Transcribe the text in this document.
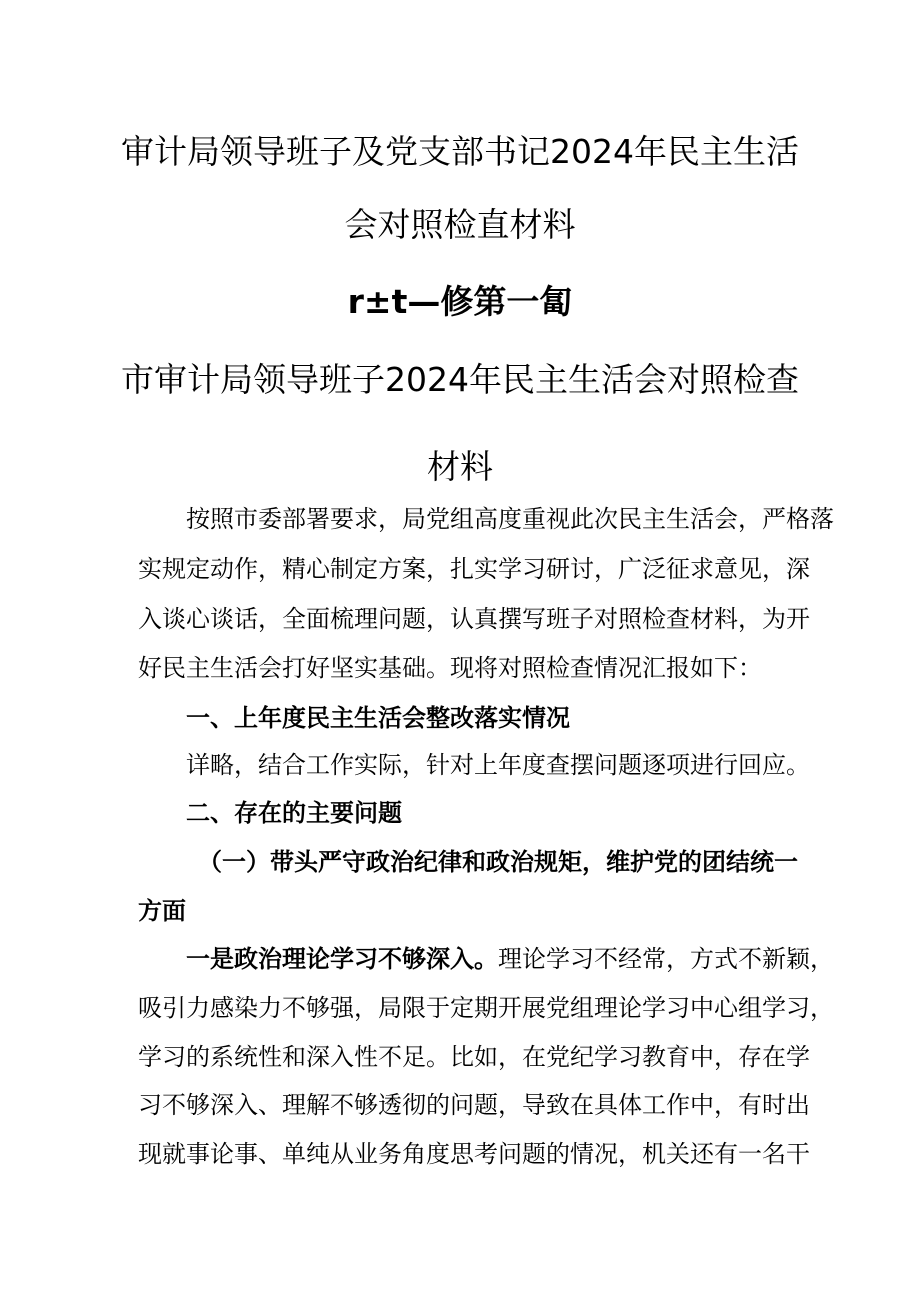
审计局领导班子及党支部书记2024年民主生活
会对照检直材料
r±t—修第一匐
市审计局领导班子2024年民主生活会对照检查
材料
按照市委部署要求，局党组高度重视此次民主生活会，严格落
实规定动作，精心制定方案，扎实学习研讨，广泛征求意见，深
入谈心谈话，全面梳理问题，认真撰写班子对照检查材料，为开
好民主生活会打好坚实基础。现将对照检查情况汇报如下：
一、上年度民主生活会整改落实情况
详略，结合工作实际，针对上年度查摆问题逐项进行回应。
二、存在的主要问题
（一）带头严守政治纪律和政治规矩，维护党的团结统一
方面
一是政治理论学习不够深入。理论学习不经常，方式不新颖，
吸引力感染力不够强，局限于定期开展党组理论学习中心组学习，
学习的系统性和深入性不足。比如，在党纪学习教育中，存在学
习不够深入、理解不够透彻的问题，导致在具体工作中，有时出
现就事论事、单纯从业务角度思考问题的情况，机关还有一名干
